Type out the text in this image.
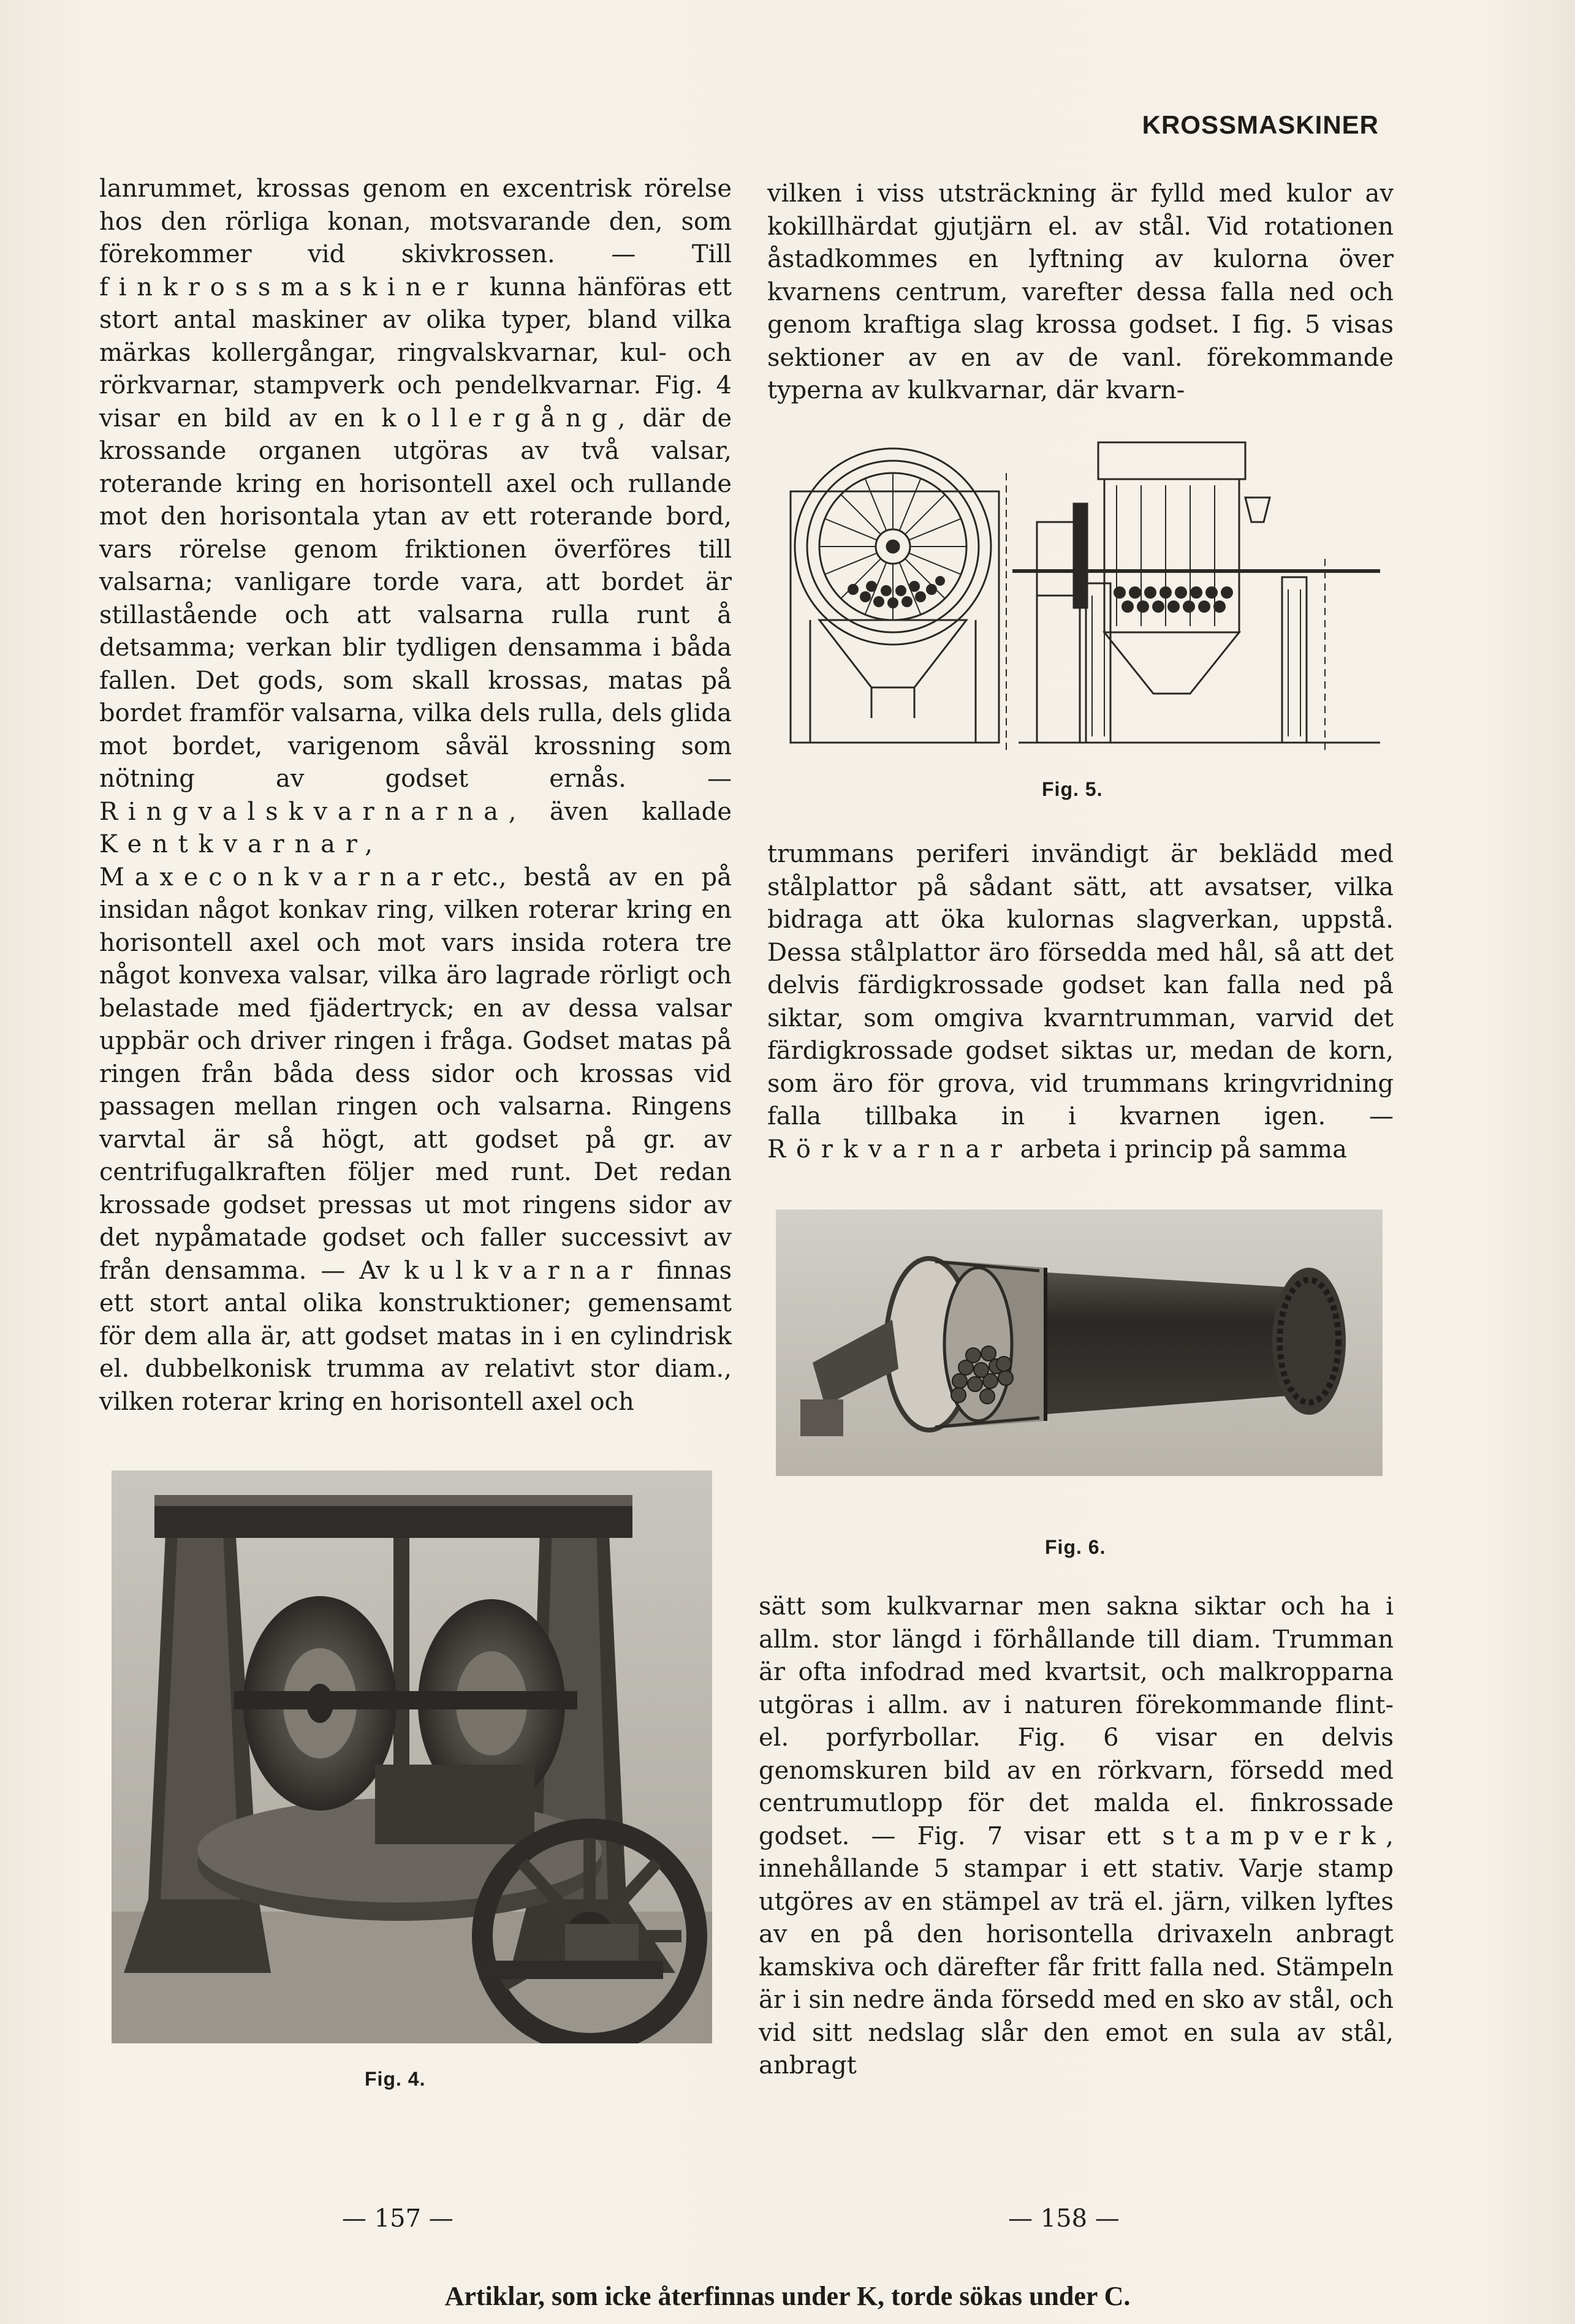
KROSSMASKINER

lanrummet, krossas genom en excentrisk rörelse hos den rörliga konan, motsvarande den, som förekommer vid skivkrossen. — Till finkrossmaskiner kunna hänföras ett stort antal maskiner av olika typer, bland vilka märkas kollergångar, ringvalskvarnar, kul- och rörkvarnar, stampverk och pendelkvarnar. Fig. 4 visar en bild av en kollergång, där de krossande organen utgöras av två valsar, roterande kring en horisontell axel och rullande mot den horisontala ytan av ett roterande bord, vars rörelse genom friktionen överföres till valsarna; vanligare torde vara, att bordet är stillastående och att valsarna rulla runt å detsamma; verkan blir tydligen densamma i båda fallen. Det gods, som skall krossas, matas på bordet framför valsarna, vilka dels rulla, dels glida mot bordet, varigenom såväl krossning som nötning av godset ernås. — Ringvalskvarnarna, även kallade Kentkvarnar, Maxeconkvarnaretc., bestå av en på insidan något konkav ring, vilken roterar kring en horisontell axel och mot vars insida rotera tre något konvexa valsar, vilka äro lagrade rörligt och belastade med fjädertryck; en av dessa valsar uppbär och driver ringen i fråga. Godset matas på ringen från båda dess sidor och krossas vid passagen mellan ringen och valsarna. Ringens varvtal är så högt, att godset på gr. av centrifugalkraften följer med runt. Det redan krossade godset pressas ut mot ringens sidor av det nypåmatade godset och faller successivt av från densamma. — Av kulkvarnar finnas ett stort antal olika konstruktioner; gemensamt för dem alla är, att godset matas in i en cylindrisk el. dubbelkonisk trumma av relativt stor diam., vilken roterar kring en horisontell axel och

Fig. 4.

vilken i viss utsträckning är fylld med kulor av kokillhärdat gjutjärn el. av stål. Vid rotationen åstadkommes en lyftning av kulorna över kvarnens centrum, varefter dessa falla ned och genom kraftiga slag krossa godset. I fig. 5 visas sektioner av en av de vanl. förekommande typerna av kulkvarnar, där kvarn-

Fig. 5.

trummans periferi invändigt är beklädd med stålplattor på sådant sätt, att avsatser, vilka bidraga att öka kulornas slagverkan, uppstå. Dessa stålplattor äro försedda med hål, så att det delvis färdigkrossade godset kan falla ned på siktar, som omgiva kvarntrumman, varvid det färdigkrossade godset siktas ur, medan de korn, som äro för grova, vid trummans kringvridning falla tillbaka in i kvarnen igen. — Rörkvarnar arbeta i princip på samma

Fig. 6.

sätt som kulkvarnar men sakna siktar och ha i allm. stor längd i förhållande till diam. Trumman är ofta infodrad med kvartsit, och malkropparna utgöras i allm. av i naturen förekommande flint- el. porfyrbollar. Fig. 6 visar en delvis genomskuren bild av en rörkvarn, försedd med centrumutlopp för det malda el. finkrossade godset. — Fig. 7 visar ett stampverk, innehållande 5 stampar i ett stativ. Varje stamp utgöres av en stämpel av trä el. järn, vilken lyftes av en på den horisontella drivaxeln anbragt kamskiva och därefter får fritt falla ned. Stämpeln är i sin nedre ända försedd med en sko av stål, och vid sitt nedslag slår den emot en sula av stål, anbragt

— 157 —	— 158 —
Artiklar, som icke återfinnas under K, torde sökas under C.
